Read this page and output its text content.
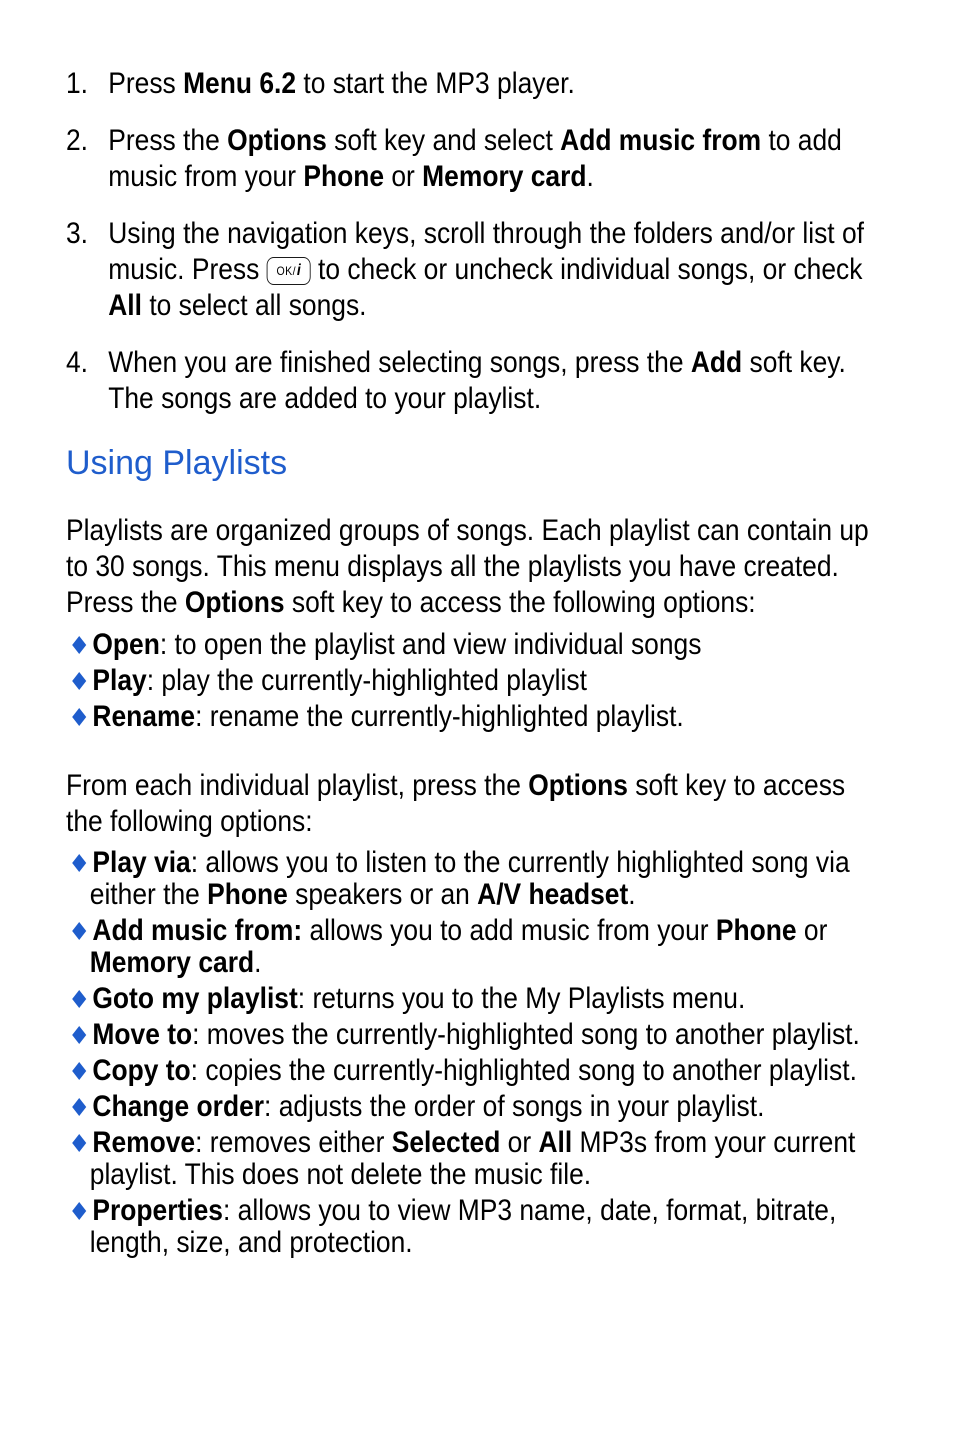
1. Press Menu 6.2 to start the MP3 player.
2. Press the Options soft key and select Add music from to add
music from your Phone or Memory card.
3. Using the navigation keys, scroll through the folders and/or list of
music. Press OK/ i to check or uncheck individual songs, or check
All to select all songs.
4. When you are finished selecting songs, press the Add soft key.
The songs are added to your playlist.
Using Playlists
Playlists are organized groups of songs. Each playlist can contain up
to 30 songs. This menu displays all the playlists you have created.
Press the Options soft key to access the following options:
Open: to open the playlist and view individual songs
Play: play the currently-highlighted playlist
Rename: rename the currently-highlighted playlist.
From each individual playlist, press the Options soft key to access
the following options:
Play via: allows you to listen to the currently highlighted song via
either the Phone speakers or an A/V headset.
Add music from: allows you to add music from your Phone or
Memory card.
Goto my playlist: returns you to the My Playlists menu.
Move to: moves the currently-highlighted song to another playlist.
Copy to: copies the currently-highlighted song to another playlist.
Change order: adjusts the order of songs in your playlist.
Remove: removes either Selected or All MP3s from your current
playlist. This does not delete the music file.
Properties: allows you to view MP3 name, date, format, bitrate,
length, size, and protection.
